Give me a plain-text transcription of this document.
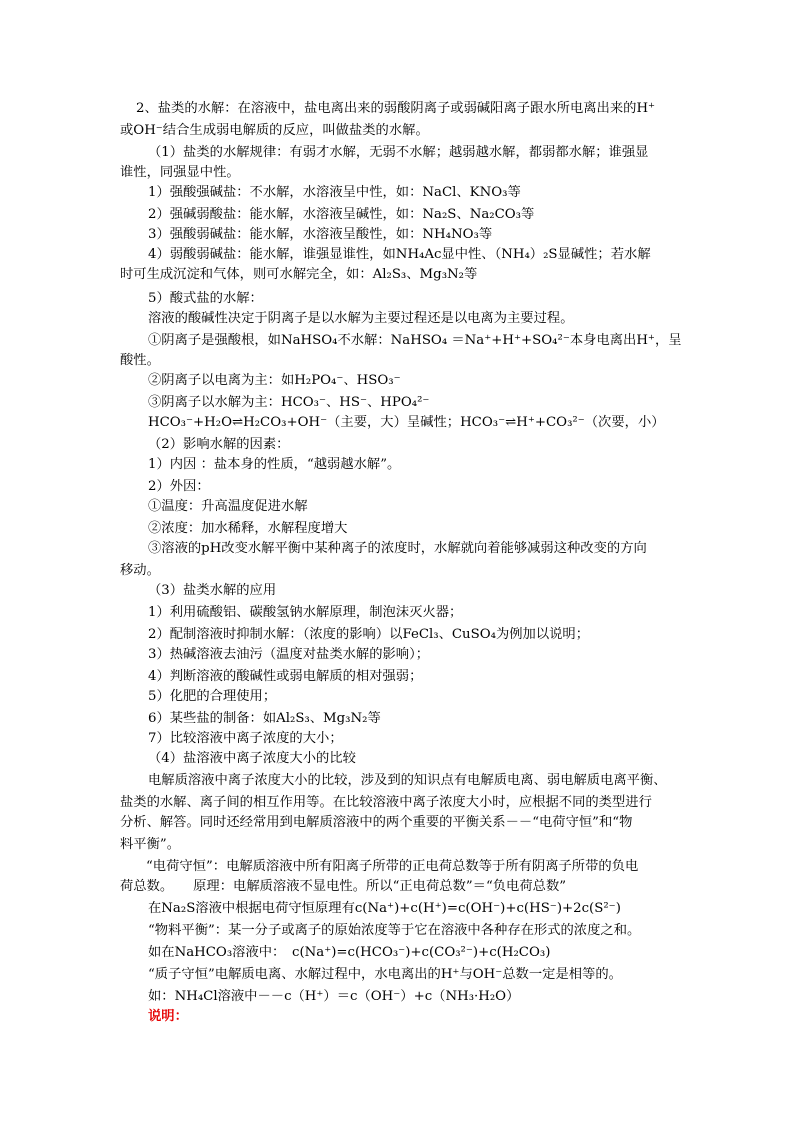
2、盐类的水解：在溶液中，盐电离出来的弱酸阴离子或弱碱阳离子跟水所电离出来的H⁺
或OH⁻结合生成弱电解质的反应，叫做盐类的水解。
（1）盐类的水解规律：有弱才水解，无弱不水解；越弱越水解，都弱都水解；谁强显
谁性，同强显中性。
1）强酸强碱盐：不水解，水溶液呈中性，如：NaCl、KNO₃等
2）强碱弱酸盐：能水解，水溶液呈碱性，如：Na₂S、Na₂CO₃等
3）强酸弱碱盐：能水解，水溶液呈酸性，如：NH₄NO₃等
4）弱酸弱碱盐：能水解，谁强显谁性，如NH₄Ac显中性、（NH₄）₂S显碱性；若水解
时可生成沉淀和气体，则可水解完全，如：Al₂S₃、Mg₃N₂等
5）酸式盐的水解：
溶液的酸碱性决定于阴离子是以水解为主要过程还是以电离为主要过程。
①阴离子是强酸根，如NaHSO₄不水解：NaHSO₄ ＝Na⁺+H⁺+SO₄²⁻本身电离出H⁺，呈
酸性。
②阴离子以电离为主：如H₂PO₄⁻、HSO₃⁻
③阴离子以水解为主：HCO₃⁻、HS⁻、HPO₄²⁻
HCO₃⁻+H₂O⇌H₂CO₃+OH⁻（主要，大）呈碱性；HCO₃⁻⇌H⁺+CO₃²⁻（次要，小）
（2）影响水解的因素：
1）内因 ：盐本身的性质，“越弱越水解”。
2）外因：
①温度：升高温度促进水解
②浓度：加水稀释，水解程度增大
③溶液的pH改变水解平衡中某种离子的浓度时，水解就向着能够减弱这种改变的方向
移动。
（3）盐类水解的应用
1）利用硫酸铝、碳酸氢钠水解原理，制泡沫灭火器；
2）配制溶液时抑制水解：（浓度的影响）以FeCl₃、CuSO₄为例加以说明；
3）热碱溶液去油污（温度对盐类水解的影响）；
4）判断溶液的酸碱性或弱电解质的相对强弱；
5）化肥的合理使用；
6）某些盐的制备：如Al₂S₃、Mg₃N₂等
7）比较溶液中离子浓度的大小；
（4）盐溶液中离子浓度大小的比较
电解质溶液中离子浓度大小的比较，涉及到的知识点有电解质电离、弱电解质电离平衡、
盐类的水解、离子间的相互作用等。在比较溶液中离子浓度大小时，应根据不同的类型进行
分析、解答。同时还经常用到电解质溶液中的两个重要的平衡关系－－“电荷守恒”和“物
料平衡”。
“电荷守恒”：电解质溶液中所有阳离子所带的正电荷总数等于所有阴离子所带的负电
荷总数。　　原理：电解质溶液不显电性。所以“正电荷总数”＝“负电荷总数”
在Na₂S溶液中根据电荷守恒原理有c(Na⁺)+c(H⁺)=c(OH⁻)+c(HS⁻)+2c(S²⁻)
“物料平衡”：某一分子或离子的原始浓度等于它在溶液中各种存在形式的浓度之和。
如在NaHCO₃溶液中：　c(Na⁺)=c(HCO₃⁻)+c(CO₃²⁻)+c(H₂CO₃)
“质子守恒”电解质电离、水解过程中，水电离出的H⁺与OH⁻总数一定是相等的。
如：NH₄Cl溶液中－－c（H⁺）＝c（OH⁻）+c（NH₃·H₂O）
说明：
